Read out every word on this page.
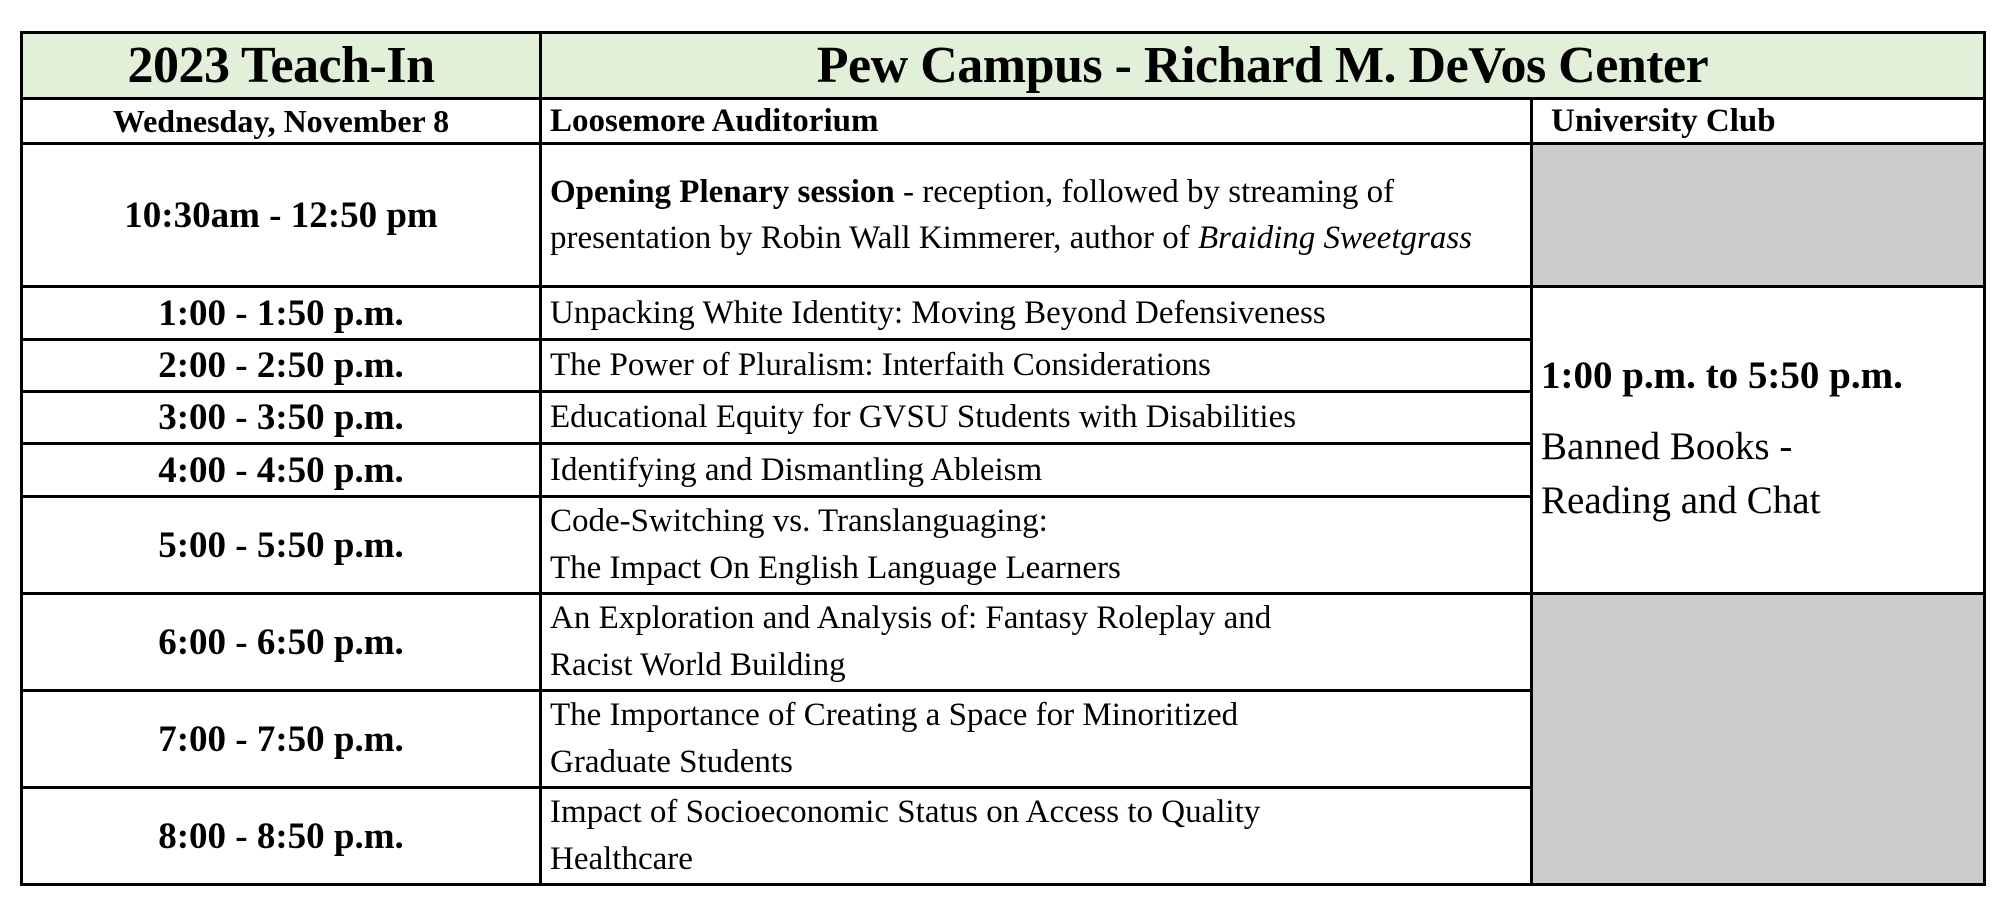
2023 Teach-In	Pew Campus - Richard M. DeVos Center	
Wednesday, November 8	Loosemore Auditorium	University Club
10:30am - 12:50 pm	Opening Plenary session - reception, followed by streaming of presentation by Robin Wall Kimmerer, author of Braiding Sweetgrass	
1:00 - 1:50 p.m.	Unpacking White Identity: Moving Beyond Defensiveness	1:00 p.m. to 5:50 p.m.
Banned Books -
Reading and Chat

2:00 - 2:50 p.m.	The Power of Pluralism: Interfaith Considerations	
3:00 - 3:50 p.m.	Educational Equity for GVSU Students with Disabilities	
4:00 - 4:50 p.m.	Identifying and Dismantling Ableism	
5:00 - 5:50 p.m.	Code-Switching vs. Translanguaging:
The Impact On English Language Learners	

6:00 - 6:50 p.m.	An Exploration and Analysis of: Fantasy Roleplay and
Racist World Building	

7:00 - 7:50 p.m.	The Importance of Creating a Space for Minoritized
Graduate Students	

8:00 - 8:50 p.m.	Impact of Socioeconomic Status on Access to Quality
Healthcare	
